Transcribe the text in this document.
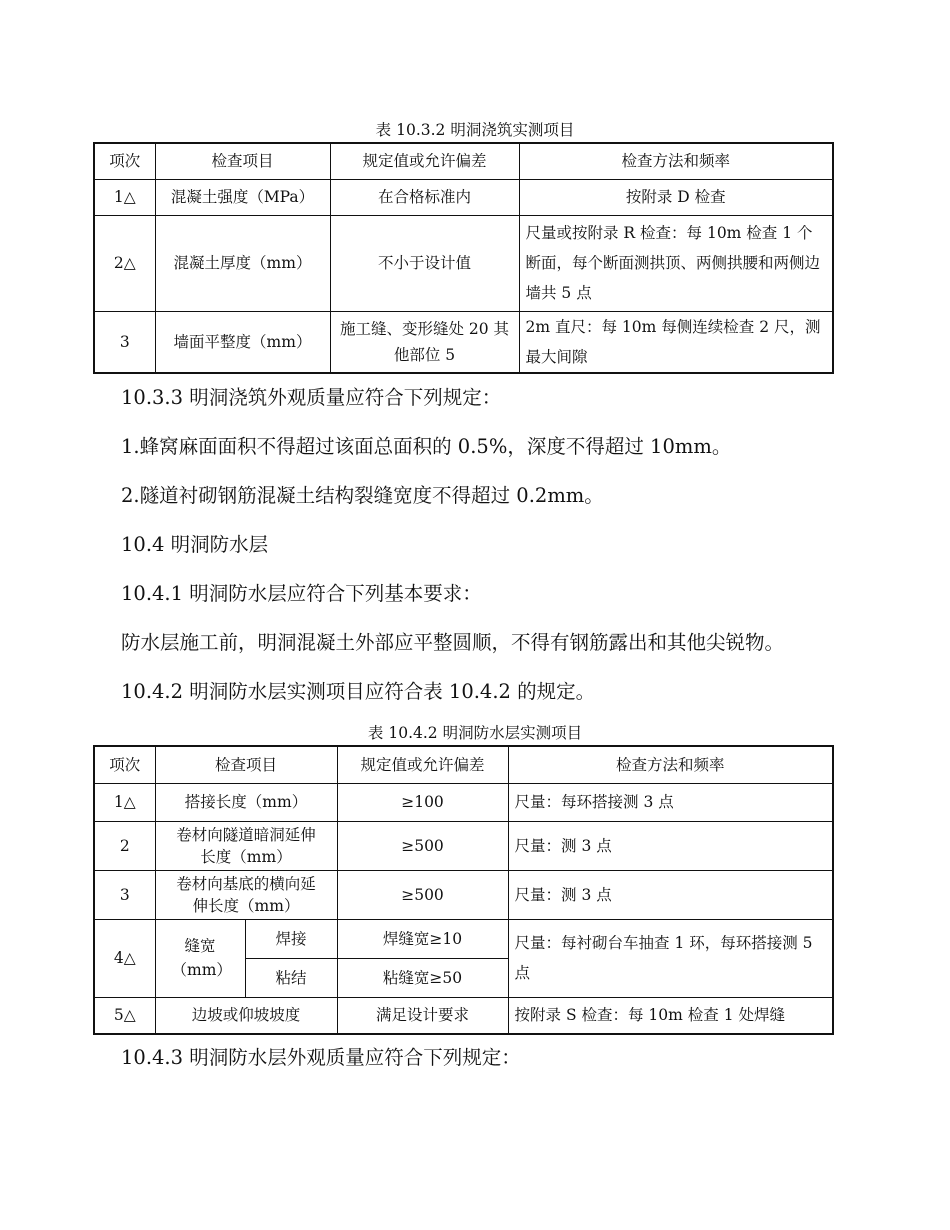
表 10.3.2 明洞浇筑实测项目
项次	检查项目	规定值或允许偏差	检查方法和频率
1△	混凝土强度（MPa）	在合格标准内	按附录 D 检查
2△	混凝土厚度（mm）	不小于设计值	尺量或按附录 R 检查：每 10m 检查 1 个断面，每个断面测拱顶、两侧拱腰和两侧边墙共 5 点
3	墙面平整度（mm）	施工缝、变形缝处 20 其他部位 5	2m 直尺：每 10m 每侧连续检查 2 尺，测最大间隙
10.3.3 明洞浇筑外观质量应符合下列规定：
1.蜂窝麻面面积不得超过该面总面积的 0.5%，深度不得超过 10mm。
2.隧道衬砌钢筋混凝土结构裂缝宽度不得超过 0.2mm。
10.4 明洞防水层
10.4.1 明洞防水层应符合下列基本要求：
防水层施工前，明洞混凝土外部应平整圆顺，不得有钢筋露出和其他尖锐物。
10.4.2 明洞防水层实测项目应符合表 10.4.2 的规定。
表 10.4.2 明洞防水层实测项目
项次	检查项目		规定值或允许偏差	检查方法和频率
1△	搭接长度（mm）		≥100	尺量：每环搭接测 3 点
2	卷材向隧道暗洞延伸长度（mm）		≥500	尺量：测 3 点
3	卷材向基底的横向延伸长度（mm）		≥500	尺量：测 3 点
4△	缝宽（mm）	焊接	焊缝宽≥10	尺量：每衬砌台车抽查 1 环，每环搭接测 5 点
		粘结	粘缝宽≥50	
5△	边坡或仰坡坡度		满足设计要求	按附录 S 检查：每 10m 检查 1 处焊缝
10.4.3 明洞防水层外观质量应符合下列规定：
